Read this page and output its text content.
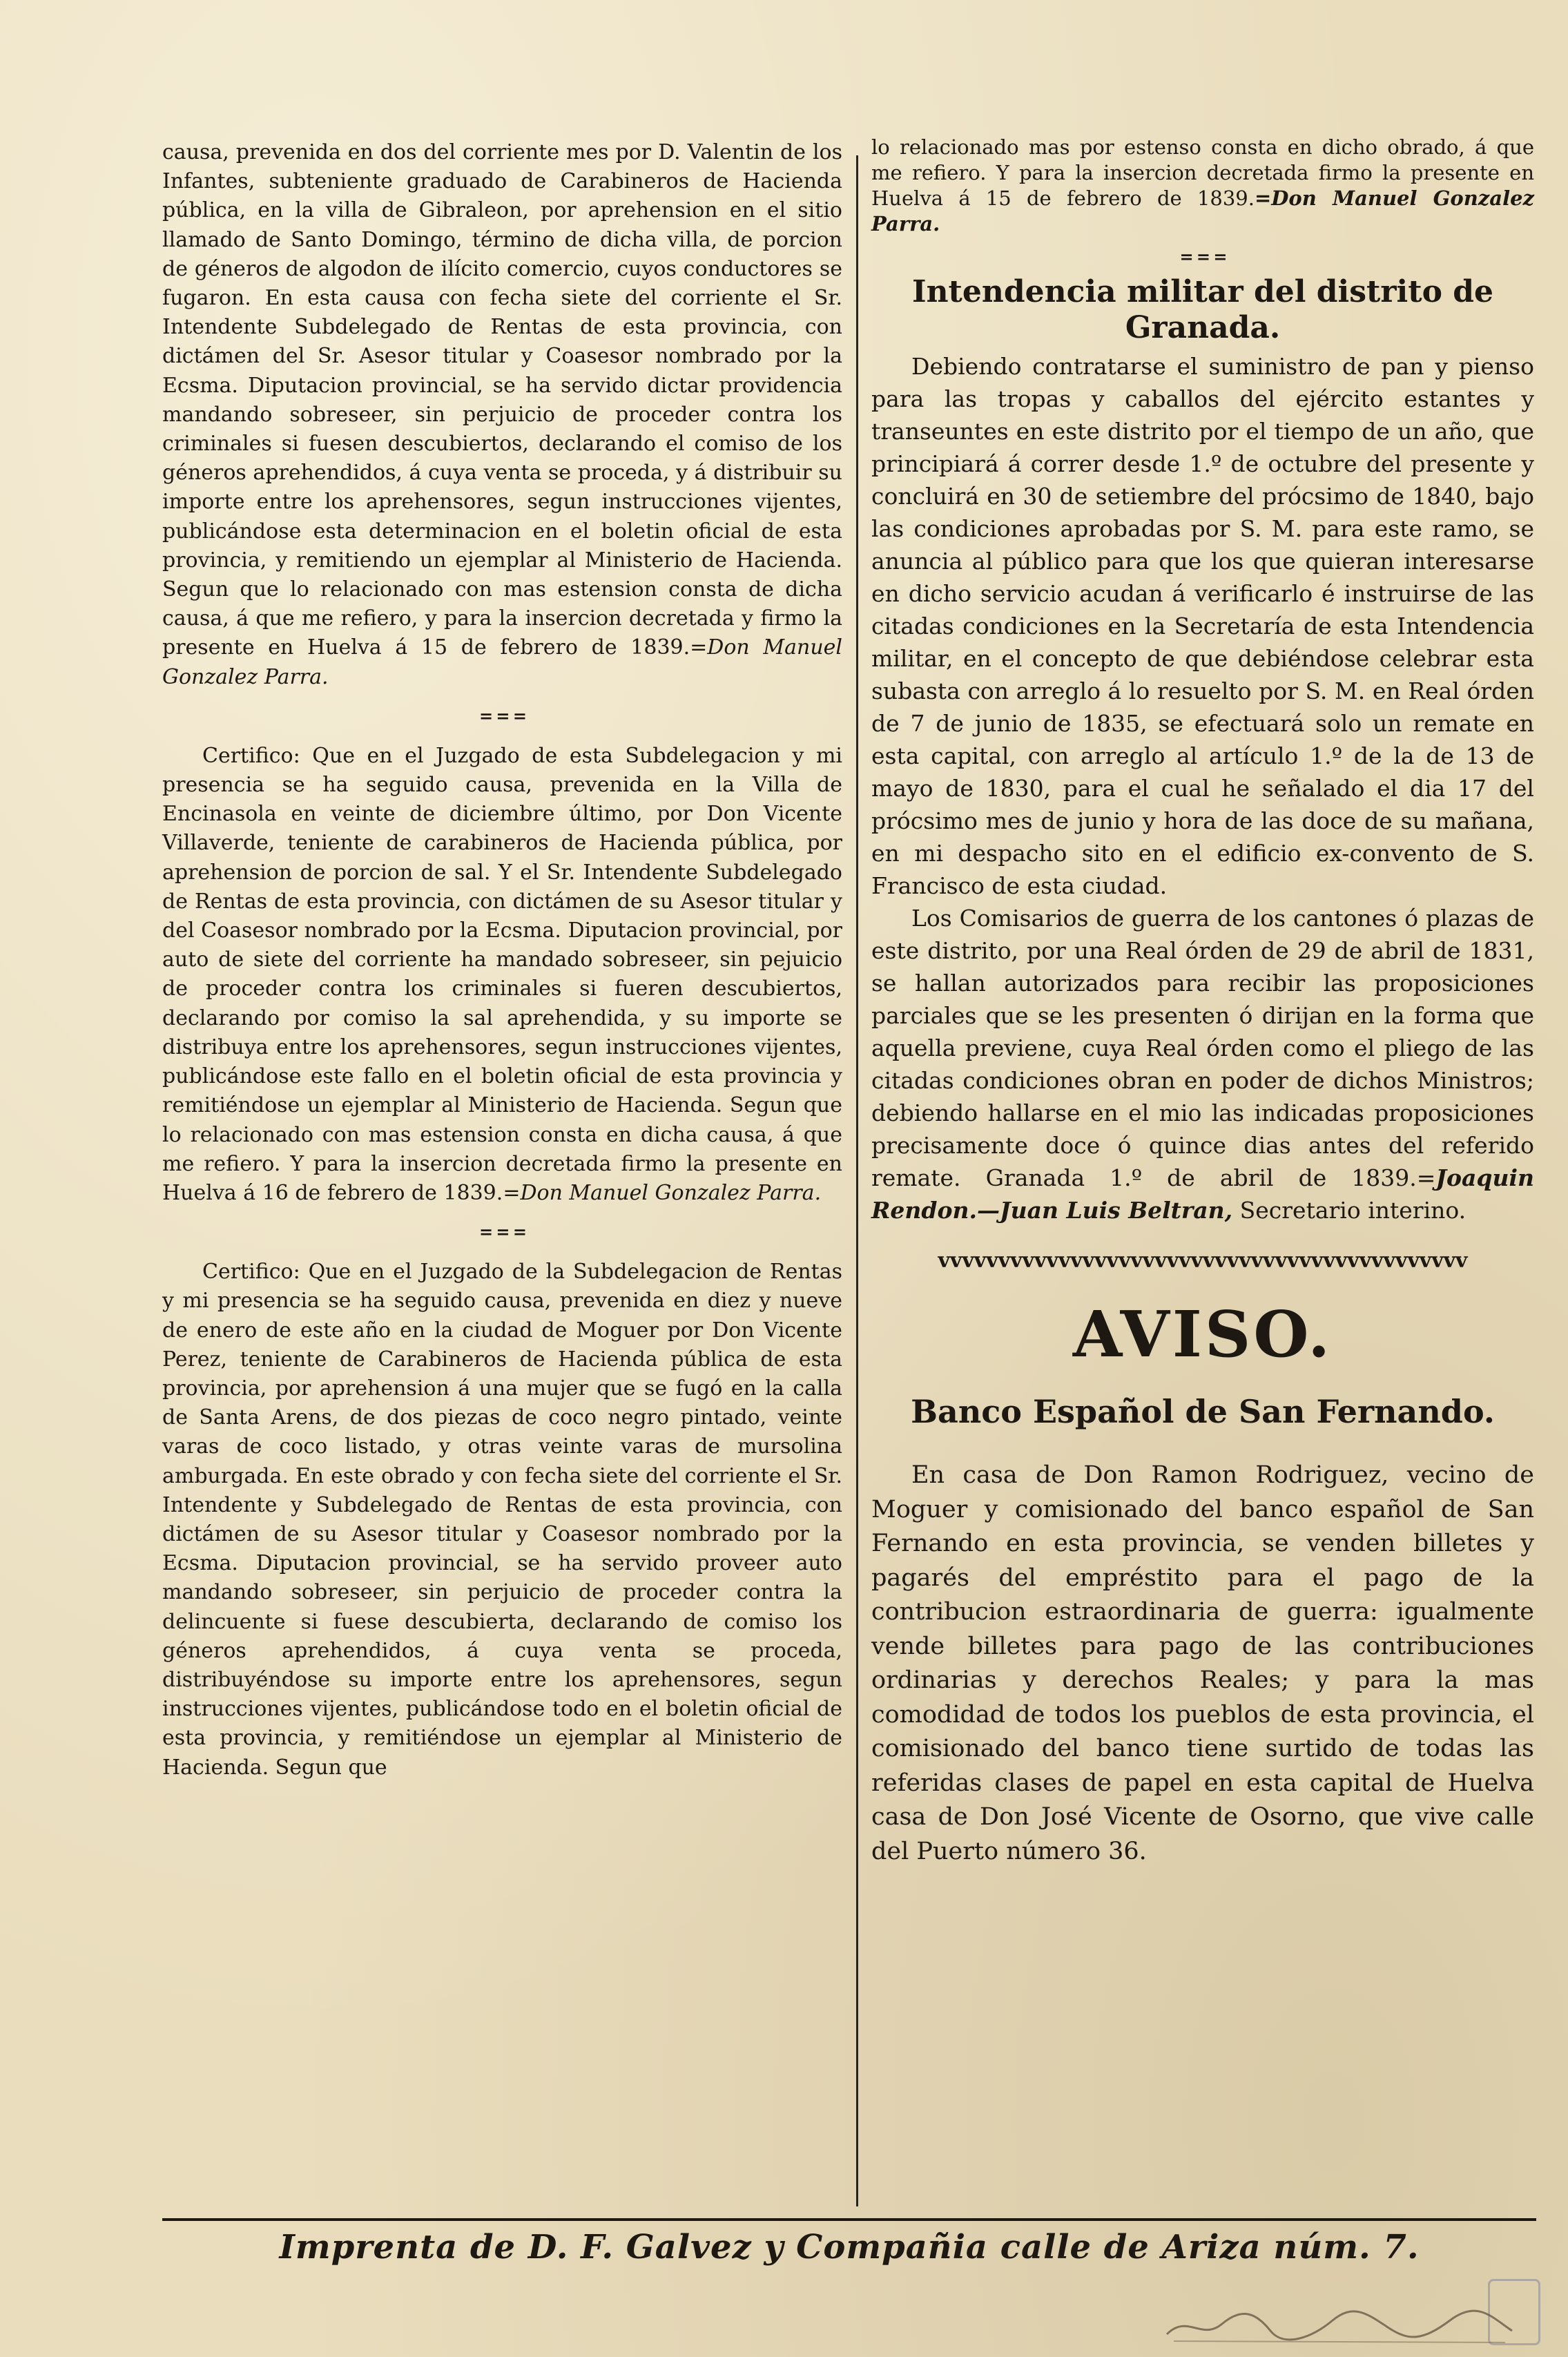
causa, prevenida en dos del corriente mes por D. Valentin de los Infantes, subteniente graduado de Carabineros de Hacienda pública, en la villa de Gibraleon, por aprehension en el sitio llamado de Santo Domingo, término de dicha villa, de porcion de géneros de algodon de ilícito comercio, cuyos conductores se fugaron. En esta causa con fecha siete del corriente el Sr. Intendente Subdelegado de Rentas de esta provincia, con dictámen del Sr. Asesor titular y Coasesor nombrado por la Ecsma. Diputacion provincial, se ha servido dictar providencia mandando sobreseer, sin perjuicio de proceder contra los criminales si fuesen descubiertos, declarando el comiso de los géneros aprehendidos, á cuya venta se proceda, y á distribuir su importe entre los aprehensores, segun instrucciones vijentes, publicándose esta determinacion en el boletin oficial de esta provincia, y remitiendo un ejemplar al Ministerio de Hacienda. Segun que lo relacionado con mas estension consta de dicha causa, á que me refiero, y para la insercion decretada y firmo la presente en Huelva á 15 de febrero de 1839.=Don Manuel Gonzalez Parra.

= = =

Certifico: Que en el Juzgado de esta Subdelegacion y mi presencia se ha seguido causa, prevenida en la Villa de Encinasola en veinte de diciembre último, por Don Vicente Villaverde, teniente de carabineros de Hacienda pública, por aprehension de porcion de sal. Y el Sr. Intendente Subdelegado de Rentas de esta provincia, con dictámen de su Asesor titular y del Coasesor nombrado por la Ecsma. Diputacion provincial, por auto de siete del corriente ha mandado sobreseer, sin pejuicio de proceder contra los criminales si fueren descubiertos, declarando por comiso la sal aprehendida, y su importe se distribuya entre los aprehensores, segun instrucciones vijentes, publicándose este fallo en el boletin oficial de esta provincia y remitiéndose un ejemplar al Ministerio de Hacienda. Segun que lo relacionado con mas estension consta en dicha causa, á que me refiero. Y para la insercion decretada firmo la presente en Huelva á 16 de febrero de 1839.=Don Manuel Gonzalez Parra.

= = =

Certifico: Que en el Juzgado de la Subdelegacion de Rentas y mi presencia se ha seguido causa, prevenida en diez y nueve de enero de este año en la ciudad de Moguer por Don Vicente Perez, teniente de Carabineros de Hacienda pública de esta provincia, por aprehension á una mujer que se fugó en la calla de Santa Arens, de dos piezas de coco negro pintado, veinte varas de coco listado, y otras veinte varas de mursolina amburgada. En este obrado y con fecha siete del corriente el Sr. Intendente y Subdelegado de Rentas de esta provincia, con dictámen de su Asesor titular y Coasesor nombrado por la Ecsma. Diputacion provincial, se ha servido proveer auto mandando sobreseer, sin perjuicio de proceder contra la delincuente si fuese descubierta, declarando de comiso los géneros aprehendidos, á cuya venta se proceda, distribuyéndose su importe entre los aprehensores, segun instrucciones vijentes, publicándose todo en el boletin oficial de esta provincia, y remitiéndose un ejemplar al Ministerio de Hacienda. Segun que

lo relacionado mas por estenso consta en dicho obrado, á que me refiero. Y para la insercion decretada firmo la presente en Huelva á 15 de febrero de 1839.=Don Manuel Gonzalez Parra.

= = =
Intendencia militar del distrito de Granada.

Debiendo contratarse el suministro de pan y pienso para las tropas y caballos del ejército estantes y transeuntes en este distrito por el tiempo de un año, que principiará á correr desde 1.º de octubre del presente y concluirá en 30 de setiembre del prócsimo de 1840, bajo las condiciones aprobadas por S. M. para este ramo, se anuncia al público para que los que quieran interesarse en dicho servicio acudan á verificarlo é instruirse de las citadas condiciones en la Secretaría de esta Intendencia militar, en el concepto de que debiéndose celebrar esta subasta con arreglo á lo resuelto por S. M. en Real órden de 7 de junio de 1835, se efectuará solo un remate en esta capital, con arreglo al artículo 1.º de la de 13 de mayo de 1830, para el cual he señalado el dia 17 del prócsimo mes de junio y hora de las doce de su mañana, en mi despacho sito en el edificio ex-convento de S. Francisco de esta ciudad.

Los Comisarios de guerra de los cantones ó plazas de este distrito, por una Real órden de 29 de abril de 1831, se hallan autorizados para recibir las proposiciones parciales que se les presenten ó dirijan en la forma que aquella previene, cuya Real órden como el pliego de las citadas condiciones obran en poder de dichos Ministros; debiendo hallarse en el mio las indicadas proposiciones precisamente doce ó quince dias antes del referido remate. Granada 1.º de abril de 1839.=Joaquin Rendon.—Juan Luis Beltran, Secretario interino.

vvvvvvvvvvvvvvvvvvvvvvvvvvvvvvvvvvvvvvvvvvvv
AVISO.
Banco Español de San Fernando.

En casa de Don Ramon Rodriguez, vecino de Moguer y comisionado del banco español de San Fernando en esta provincia, se venden billetes y pagarés del empréstito para el pago de la contribucion estraordinaria de guerra: igualmente vende billetes para pago de las contribuciones ordinarias y derechos Reales; y para la mas comodidad de todos los pueblos de esta provincia, el comisionado del banco tiene surtido de todas las referidas clases de papel en esta capital de Huelva casa de Don José Vicente de Osorno, que vive calle del Puerto número 36.

Imprenta de D. F. Galvez y Compañia calle de Ariza núm. 7.
